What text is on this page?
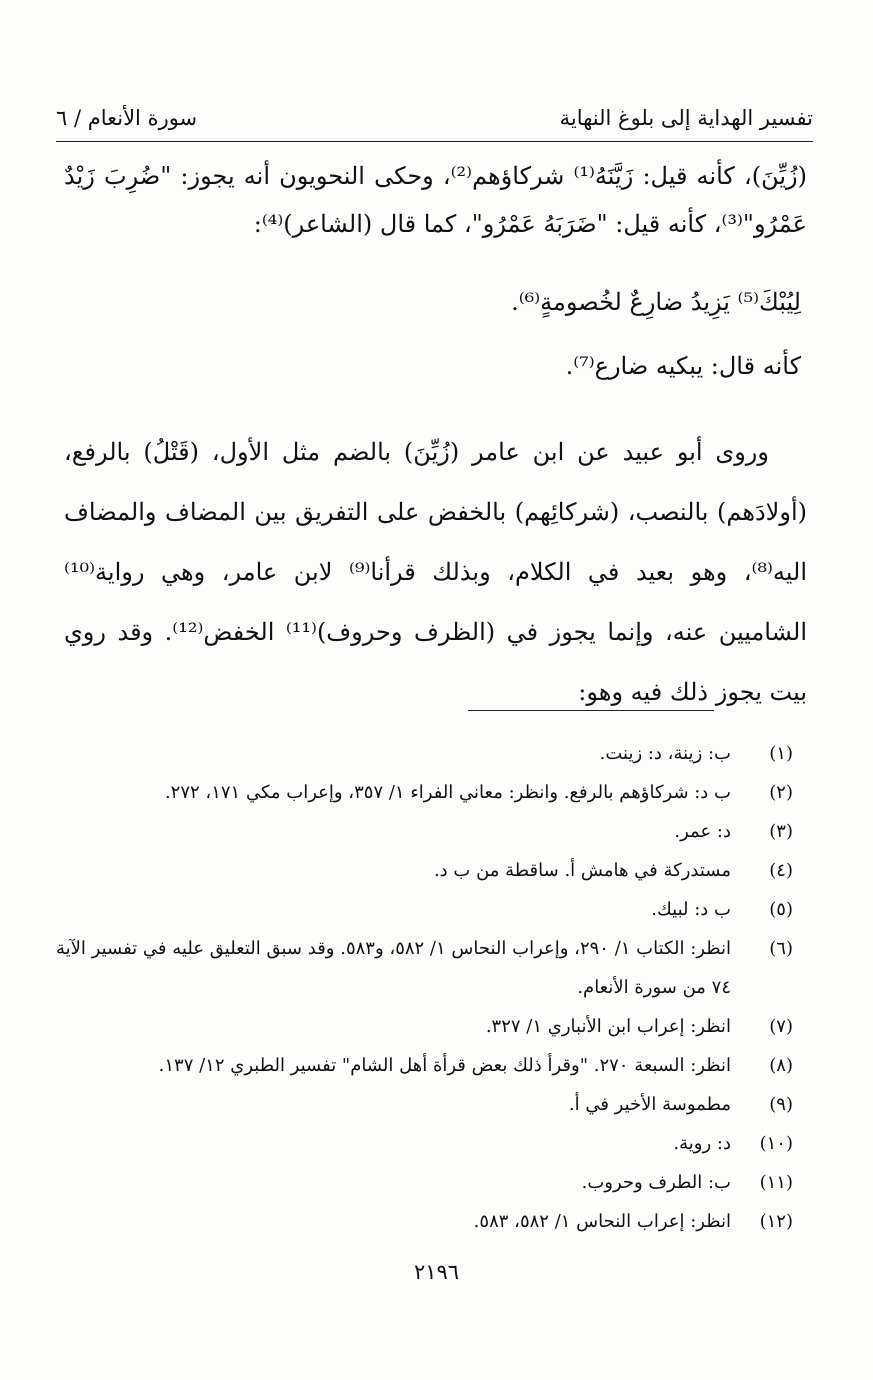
تفسير الهداية إلى بلوغ النهاية
سورة الأنعام / ٦

(زُيِّنَ)، كأنه قيل: زَيَّنَهُ⁽¹⁾ شركاؤهم⁽²⁾، وحكى النحويون أنه يجوز: "ضُرِبَ زَيْدٌ عَمْرُو"⁽³⁾، كأنه قيل: "ضَرَبَهُ عَمْرُو"، كما قال (الشاعر)⁽⁴⁾:

لِيُبْكَ⁽⁵⁾ يَزِيدُ ضارِعٌ لخُصومةٍ⁽⁶⁾.
كأنه قال: يبكيه ضارع⁽⁷⁾.

وروى أبو عبيد عن ابن عامر (زُيِّنَ) بالضم مثل الأول، (قَتْلُ) بالرفع، (أولادَهم) بالنصب، (شركائِهم) بالخفض على التفريق بين المضاف والمضاف اليه⁽⁸⁾، وهو بعيد في الكلام، وبذلك قرأنا⁽⁹⁾ لابن عامر، وهي رواية⁽¹⁰⁾ الشاميين عنه، وإنما يجوز في (الظرف وحروف)⁽¹¹⁾ الخفض⁽¹²⁾. وقد روي بيت يجوز ذلك فيه وهو:

(١)
ب: زينة، د: زينت.
(٢)
ب د: شركاؤهم بالرفع. وانظر: معاني الفراء ١/ ٣٥٧، وإعراب مكي ١٧١، ٢٧٢.
(٣)
د: عمر.
(٤)
مستدركة في هامش أ. ساقطة من ب د.
(٥)
ب د: لبيك.
(٦)
انظر: الكتاب ١/ ٢٩٠، وإعراب النحاس ١/ ٥٨٢، و٥٨٣. وقد سبق التعليق عليه في تفسير الآية ٧٤ من سورة الأنعام.
(٧)
انظر: إعراب ابن الأنباري ١/ ٣٢٧.
(٨)
انظر: السبعة ٢٧٠. "وقرأ ذلك بعض قرأة أهل الشام" تفسير الطبري ١٢/ ١٣٧.
(٩)
مطموسة الأخير في أ.
(١٠)
د: روية.
(١١)
ب: الطرف وحروب.
(١٢)
انظر: إعراب النحاس ١/ ٥٨٢، ٥٨٣.
٢١٩٦
